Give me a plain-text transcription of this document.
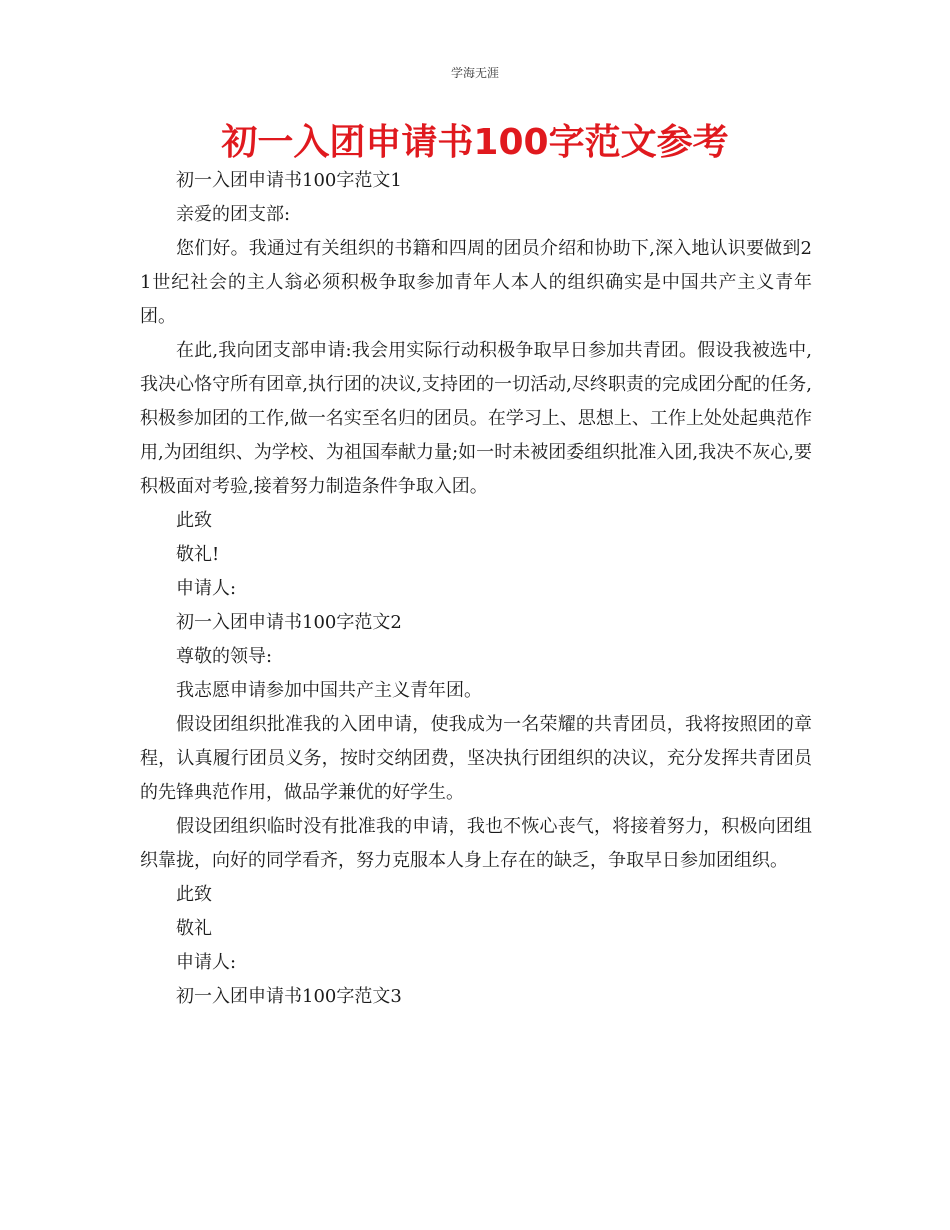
学海无涯
初一入团申请书100字范文参考

初一入团申请书100字范文1

亲爱的团支部:

您们好。我通过有关组织的书籍和四周的团员介绍和协助下,深入地认识要做到21世纪社会的主人翁必须积极争取参加青年人本人的组织确实是中国共产主义青年团。

在此,我向团支部申请:我会用实际行动积极争取早日参加共青团。假设我被选中,我决心恪守所有团章,执行团的决议,支持团的一切活动,尽终职责的完成团分配的任务,积极参加团的工作,做一名实至名归的团员。在学习上、思想上、工作上处处起典范作用,为团组织、为学校、为祖国奉献力量;如一时未被团委组织批准入团,我决不灰心,要积极面对考验,接着努力制造条件争取入团。

此致

敬礼!

申请人:

初一入团申请书100字范文2

尊敬的领导:

我志愿申请参加中国共产主义青年团。

假设团组织批准我的入团申请，使我成为一名荣耀的共青团员，我将按照团的章程，认真履行团员义务，按时交纳团费，坚决执行团组织的决议，充分发挥共青团员的先锋典范作用，做品学兼优的好学生。

假设团组织临时没有批准我的申请，我也不恢心丧气，将接着努力，积极向团组织靠拢，向好的同学看齐，努力克服本人身上存在的缺乏，争取早日参加团组织。

此致

敬礼

申请人:

初一入团申请书100字范文3
